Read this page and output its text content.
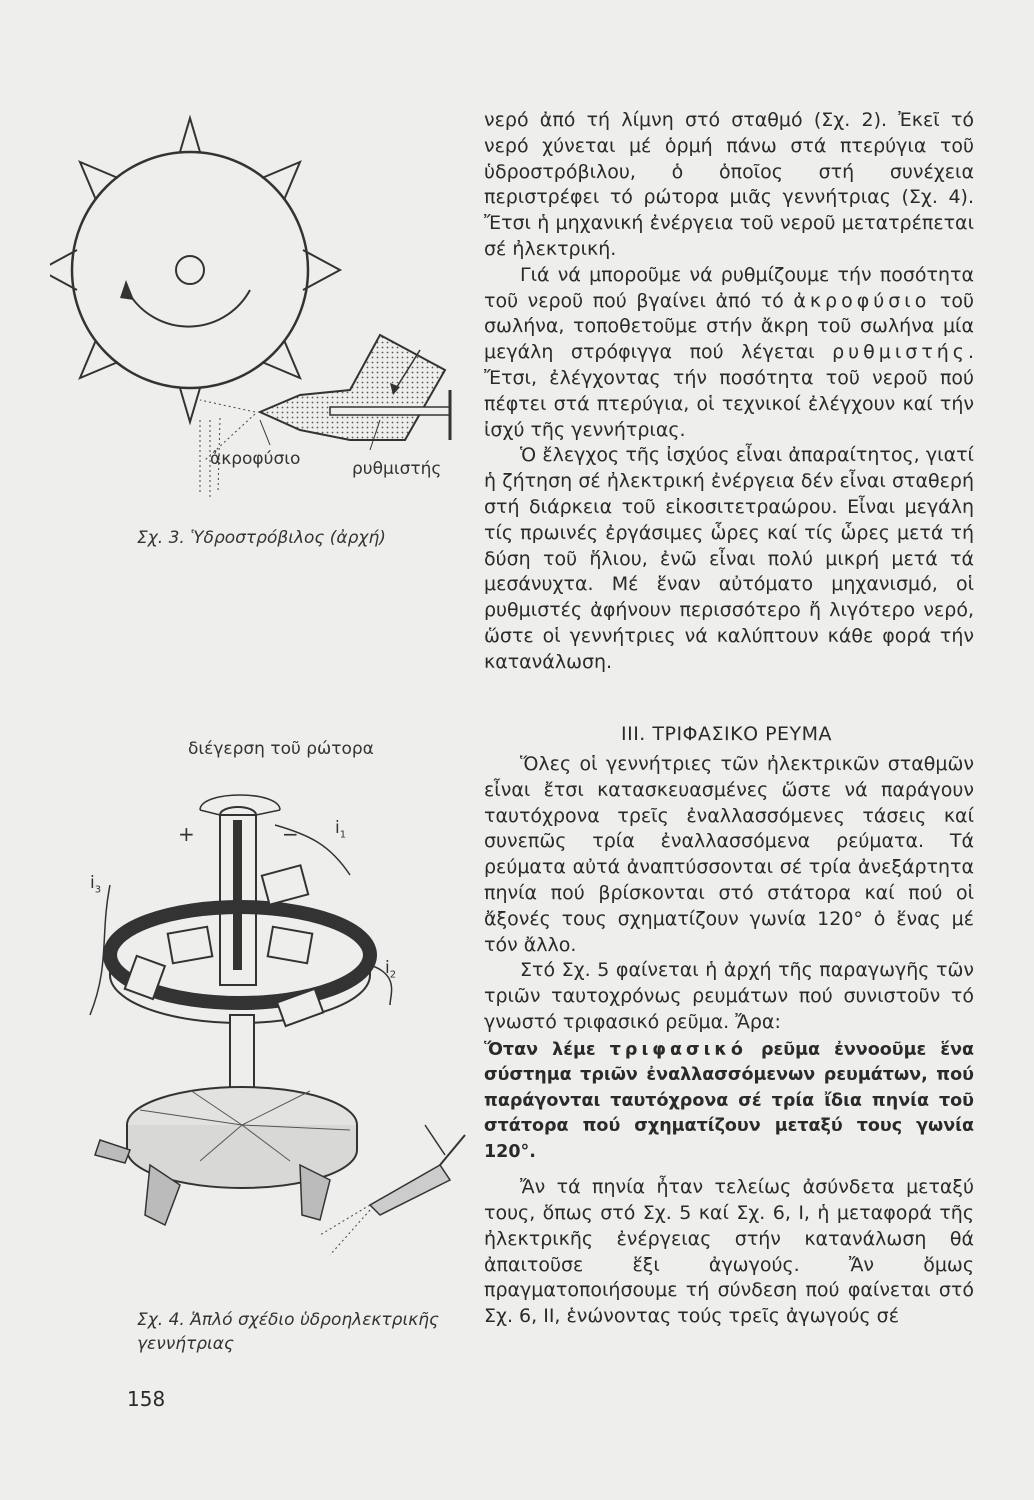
ἀκροφύσιο	ρυθμιστής
Σχ. 3. Ὑδροστρόβιλος (ἀρχή)

νερό ἀπό τή λίμνη στό σταθμό (Σχ. 2). Ἐκεῖ τό νερό χύνεται μέ ὁρμή πάνω στά πτερύγια τοῦ ὑδροστρόβιλου, ὁ ὁποῖος στή συνέχεια περιστρέφει τό ρώτορα μιᾶς γεννήτριας (Σχ. 4). Ἔτσι ἡ μηχανική ἐνέργεια τοῦ νεροῦ μετατρέπεται σέ ἠλεκτρική.

Γιά νά μποροῦμε νά ρυθμίζουμε τήν ποσότητα τοῦ νεροῦ πού βγαίνει ἀπό τό ἀκροφύσιο τοῦ σωλήνα, τοποθετοῦμε στήν ἄκρη τοῦ σωλήνα μία μεγάλη στρόφιγγα πού λέγεται ρυθμιστής. Ἔτσι, ἐλέγχοντας τήν ποσότητα τοῦ νεροῦ πού πέφτει στά πτερύγια, οἱ τεχνικοί ἐλέγχουν καί τήν ἰσχύ τῆς γεννήτριας.

Ὁ ἔλεγχος τῆς ἰσχύος εἶναι ἀπαραίτητος, γιατί ἡ ζήτηση σέ ἠλεκτρική ἐνέργεια δέν εἶναι σταθερή στή διάρκεια τοῦ εἰκοσιτετραώρου. Εἶναι μεγάλη τίς πρωινές ἐργάσιμες ὧρες καί τίς ὧρες μετά τή δύση τοῦ ἥλιου, ἐνῶ εἶναι πολύ μικρή μετά τά μεσάνυχτα. Μέ ἕναν αὐτόματο μηχανισμό, οἱ ρυθμιστές ἀφήνουν περισσότερο ἤ λιγότερο νερό, ὥστε οἱ γεννήτριες νά καλύπτουν κάθε φορά τήν κατανάλωση.

III. ΤΡΙΦΑΣΙΚΟ ΡΕΥΜΑ
διέγερση τοῦ ρώτορα
+	− $i_1$
$i_3$
$i_2$
Σχ. 4. Ἁπλό σχέδιο ὑδροηλεκτρικῆς
γεννήτριας

Ὅλες οἱ γεννήτριες τῶν ἠλεκτρικῶν σταθμῶν εἶναι ἔτσι κατασκευασμένες ὥστε νά παράγουν ταυτόχρονα τρεῖς ἐναλλασσόμενες τάσεις καί συνεπῶς τρία ἐναλλασσόμενα ρεύματα. Τά ρεύματα αὐτά ἀναπτύσσονται σέ τρία ἀνεξάρτητα πηνία πού βρίσκονται στό στάτορα καί πού οἱ ἄξονές τους σχηματίζουν γωνία 120° ὁ ἕνας μέ τόν ἄλλο.

Στό Σχ. 5 φαίνεται ἡ ἀρχή τῆς παραγωγῆς τῶν τριῶν ταυτοχρόνως ρευμάτων πού συνιστοῦν τό γνωστό τριφασικό ρεῦμα. Ἄρα:

Ὅταν λέμε τριφασικό ρεῦμα ἐννοοῦμε ἕνα σύστημα τριῶν ἐναλλασσόμενων ρευμάτων, πού παράγονται ταυτόχρονα σέ τρία ἴδια πηνία τοῦ στάτορα πού σχηματίζουν μεταξύ τους γωνία 120°.

Ἄν τά πηνία ἦταν τελείως ἀσύνδετα μεταξύ τους, ὅπως στό Σχ. 5 καί Σχ. 6, I, ἡ μεταφορά τῆς ἠλεκτρικῆς ἐνέργειας στήν κατανάλωση θά ἀπαιτοῦσε ἕξι ἀγωγούς. Ἄν ὅμως πραγματοποιήσουμε τή σύνδεση πού φαίνεται στό Σχ. 6, II, ἑνώνοντας τούς τρεῖς ἀγωγούς σέ

158
